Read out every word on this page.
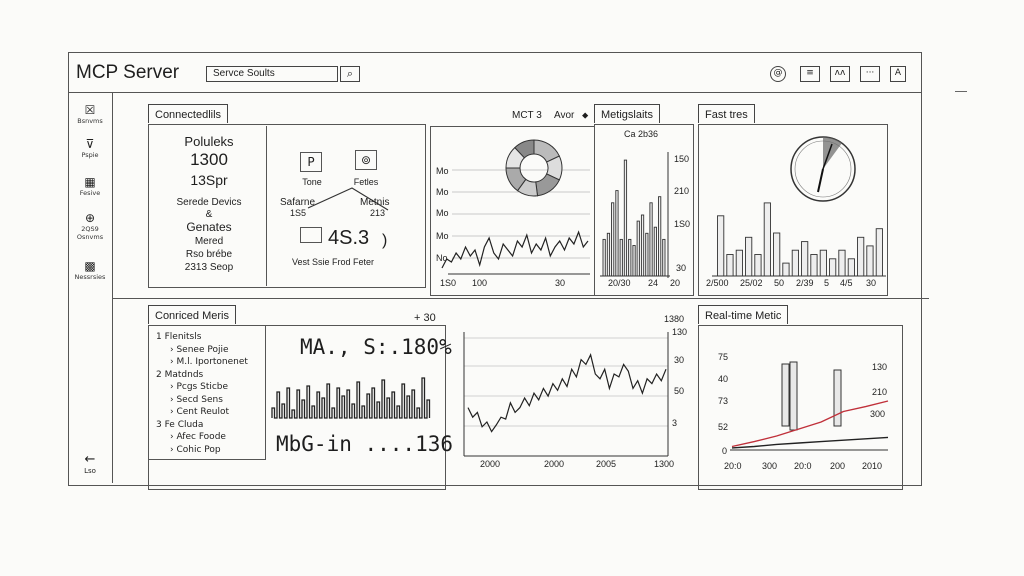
MCP Server	Servce Soults	⌕	@	≡	ʌʌ	···	A
☒
Bsnvms
⊽
Pspie
▦
Fesive
⊕
2QS9 Osnvms
▩
Nessrsies
←
Lso
Connectedlils
Poluleks
1300
13Spr
Serede Devics
&
Genates
Mered
Rso brébe
2313 Seop
P
Tone
⊚
Fetles
Safarne
1S5
Metnis
213
4S.3 )
Vest Ssie Frod Feter
MCT 3 Avor ⬥
Mo
Mo
Mo
Mo
No
1S0 100	30
Metigslaits
Ca 2b36
150
210
1S0
30
20/30 24 20
Fast tres
2/500 25/02 50 2/39 5 4/5 30
Conriced Meris	+ 30
1 Flenitsls
› Senee Pojie
› M.l. Iportonenet
2 Matdnds
› Pcgs Sticbe
› Secd Sens
› Cent Reulot
3 Fe Cluda
› Afec Foode
› Cohic Pop
MA., S:.180%
MbG-in ....136
1380
130
30
50
3
2000	2000	2005	1300
Real-time Metic
75
40
73
52
0
130
210
300
20:0 300 20:0 200 2010
